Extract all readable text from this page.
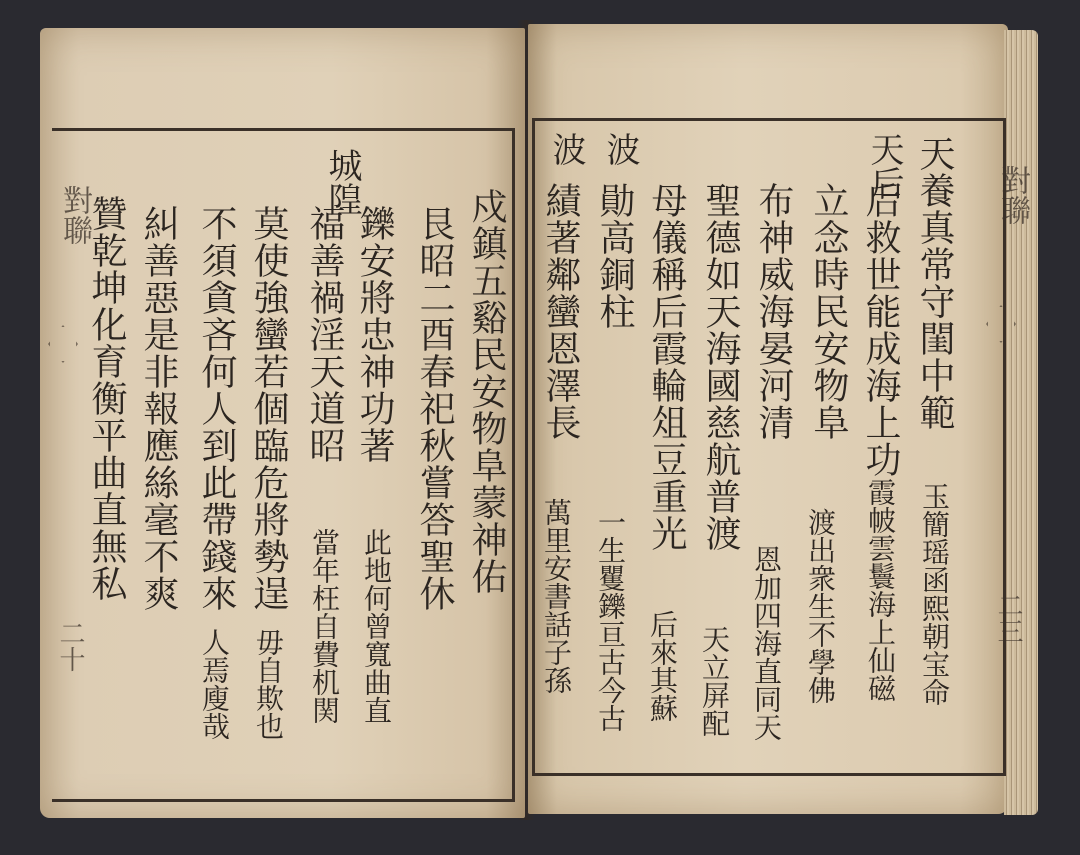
對聯
二十
城隍
戍鎮五谿民安物阜蒙神佑
艮昭二酉春祀秋嘗答聖休
鑠安將忠神功著
福善禍淫天道昭
莫使強蠻若個臨危將勢逞
不須貪吝何人到此帶錢來
糾善惡是非報應絲毫不爽
贊乾坤化育衡平曲直無私
此地何曾寬曲直
當年枉自費机関
毋自欺也
人焉廋哉
對聯
二三
天后
波
波	天養真常守閨中範
后救世能成海上功
立念時民安物阜
布神威海晏河清
聖德如天海國慈航普渡
母儀稱后霞輪俎豆重光
勛高銅柱
績著鄰蠻恩澤長
玉簡瑶函熙朝宝命
霞帔雲鬟海上仙磁
渡出衆生不學佛
恩加四海直同天
天立屏配
后來其蘇
一生矍鑠亘古今古
萬里安書話子孫
